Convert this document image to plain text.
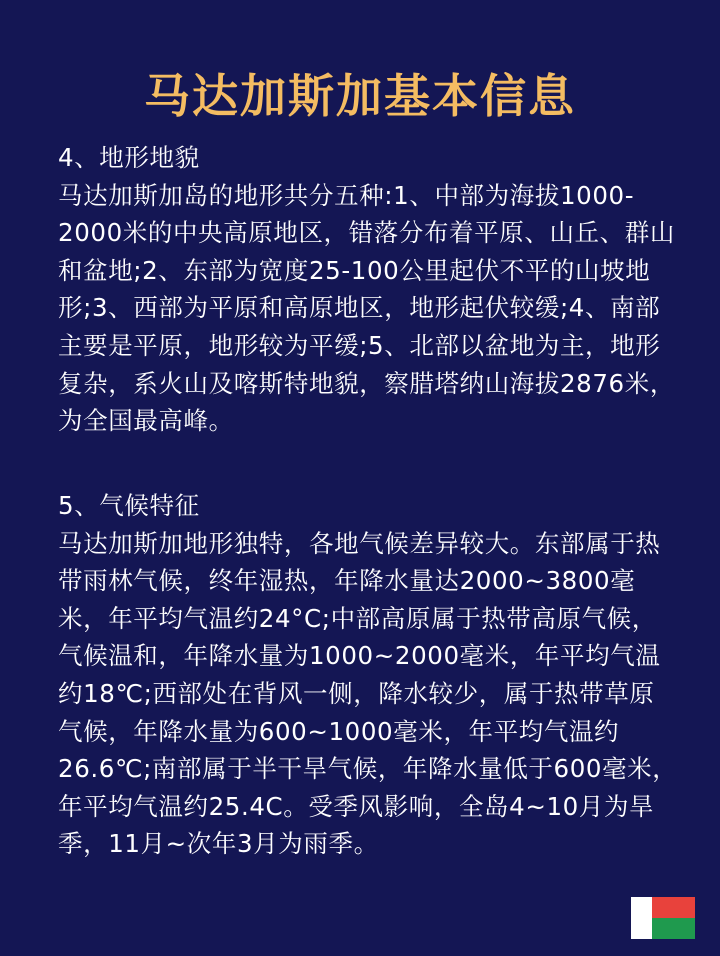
马达加斯加基本信息
4、地形地貌

马达加斯加岛的地形共分五种:1、中部为海拔1000-2000米的中央高原地区，错落分布着平原、山丘、群山和盆地;2、东部为宽度25-100公里起伏不平的山坡地形;3、西部为平原和高原地区，地形起伏较缓;4、南部主要是平原，地形较为平缓;5、北部以盆地为主，地形复杂，系火山及喀斯特地貌，察腊塔纳山海拔2876米，为全国最高峰。

5、气候特征

马达加斯加地形独特，各地气候差异较大。东部属于热带雨林气候，终年湿热，年降水量达2000~3800毫米，年平均气温约24°C;中部高原属于热带高原气候，气候温和，年降水量为1000~2000毫米，年平均气温约18℃;西部处在背风一侧，降水较少，属于热带草原气候，年降水量为600~1000毫米，年平均气温约26.6℃;南部属于半干旱气候，年降水量低于600毫米，年平均气温约25.4C。受季风影响，全岛4~10月为旱季，11月~次年3月为雨季。
